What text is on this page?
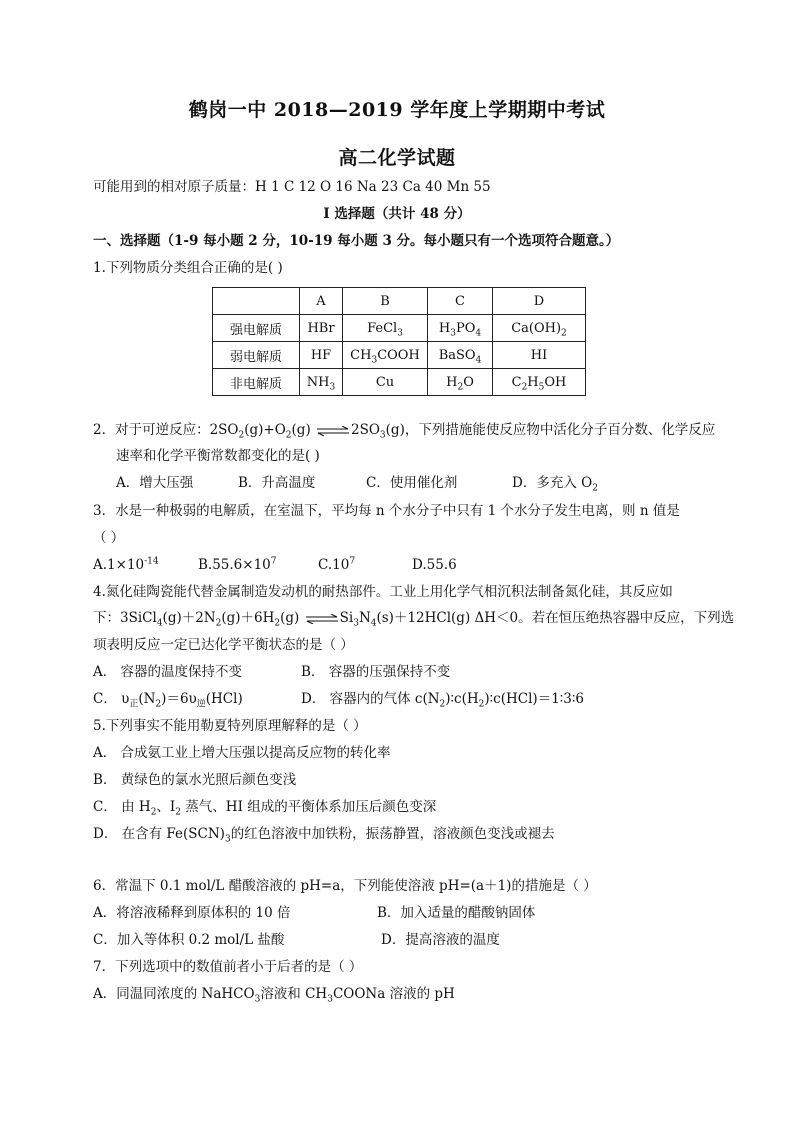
鹤岗一中 2018—2019 学年度上学期期中考试
高二化学试题
可能用到的相对原子质量：H 1 C 12 O 16 Na 23 Ca 40 Mn 55
I 选择题（共计 48 分）
一、选择题（1-9 每小题 2 分，10-19 每小题 3 分。每小题只有一个选项符合题意。）
1.下列物质分类组合正确的是( )
	A	B	C	D
强电解质	HBr	FeCl$_3$	$H_3PO_4$	$Ca(OH)_2$
弱电解质	HF	$CH_3COOH$	BaSO$_4$	HI
非电解质	$NH_3$	Cu	$H_2O$	$C_2H_5OH$
2．对于可逆反应：$2SO_2(g)+O_2(g)$ $\rightleftharpoons 2SO_3(g)$，下列措施能使反应物中活化分子百分数、化学反应
速率和化学平衡常数都变化的是( )
A．增大压强	B．升高温度	C．使用催化剂	D．多充入 $O_2$
3．水是一种极弱的电解质，在室温下，平均每 n 个水分子中只有 1 个水分子发生电离，则 n 值是
（ ）
$A.1\times 10^{-14}$	$B.55.6\times 10^7$	$C.10^7$	D.55.6
4.氮化硅陶瓷能代替金属制造发动机的耐热部件。工业上用化学气相沉积法制备氮化硅，其反应如
下：$3SiCl_4(g)+2N_2(g)+6H_2(g)$ $\rightleftharpoons Si_3N_4(s)+12HCl(g)$ ΔH＜0。若在恒压绝热容器中反应，下列选
项表明反应一定已达化学平衡状态的是（ ）
A． 容器的温度保持不变	B． 容器的压强保持不变
C． $\upsilon_正(N_2)=6\upsilon_逆(HCl)$	D． 容器内的气体 $c(N_2)∶c(H_2)∶c(HCl)=1∶3∶6$
5.下列事实不能用勒夏特列原理解释的是（ ）
A． 合成氨工业上增大压强以提高反应物的转化率
B． 黄绿色的氯水光照后颜色变浅
C． 由 $H_2$、$I_2$ 蒸气、HI 组成的平衡体系加压后颜色变深
D． 在含有 $Fe(SCN)_3$的红色溶液中加铁粉，振荡静置，溶液颜色变浅或褪去
6．常温下 0.1 mol/L 醋酸溶液的 pH=a，下列能使溶液 pH=(a＋1)的措施是（ ）
A．将溶液稀释到原体积的 10 倍	B．加入适量的醋酸钠固体
C．加入等体积 0.2 mol/L 盐酸	D．提高溶液的温度
7．下列选项中的数值前者小于后者的是（ ）
A．同温同浓度的 NaHCO$_3$溶液和 $CH_3COONa$ 溶液的 pH
